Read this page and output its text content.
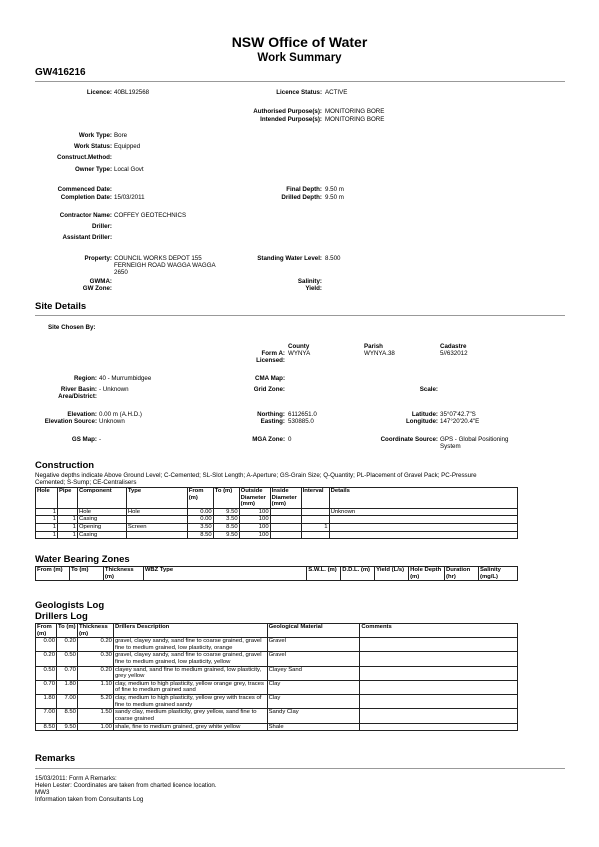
NSW Office of Water
Work Summary
GW416216
Licence: 40BL192568	Licence Status: ACTIVE
Authorised Purpose(s): MONITORING BORE
Intended Purpose(s): MONITORING BORE
Work Type: Bore
Work Status: Equipped
Construct.Method:
Owner Type: Local Govt
Commenced Date:
Completion Date: 15/03/2011
Final Depth: 9.50 m
Drilled Depth: 9.50 m
Contractor Name: COFFEY GEOTECHNICS
Driller:
Assistant Driller:
Property: COUNCIL WORKS DEPOT 155
FERNEIGH ROAD WAGGA WAGGA
2650
Standing Water Level: 8.500
GWMA:
GW Zone:
Salinity:
Yield:
Site Details
Site Chosen By:
County	Parish	Cadastre
Form A: WYNYA	WYNYA.38	5//632012
Licensed:
Region: 40 - Murrumbidgee	CMA Map:
River Basin: - Unknown
Area/District:
Grid Zone:	Scale:
Elevation: 0.00 m (A.H.D.)
Elevation Source: Unknown
Northing: 6112651.0
Easting: 530885.0
Latitude: 35°07'42.7"S
Longitude: 147°20'20.4"E
GS Map: -	MGA Zone: 0	Coordinate Source: GPS - Global Positioning
System
Construction
Negative depths indicate Above Ground Level; C-Cemented; SL-Slot Length; A-Aperture; GS-Grain Size; Q-Quantity; PL-Placement of Gravel Pack; PC-Pressure
Cemented; S-Sump; CE-Centralisers
Hole	Pipe	Component	Type	From (m)	To (m)	Outside Diameter (mm)	Inside Diameter (mm)	Interval	Details
1		Hole	Hole	0.00	9.50	100			Unknown
1	1	Casing		0.00	3.50	100			
1	1	Opening	Screen	3.50	8.50	100		1	
1	1	Casing		8.50	9.50	100			
Water Bearing Zones
From (m)	To (m)	Thickness (m)	WBZ Type	S.W.L. (m)	D.D.L. (m)	Yield (L/s)	Hole Depth (m)	Duration (hr)	Salinity (mg/L)
Geologists Log
Drillers Log
From (m)	To (m)	Thickness (m)	Drillers Description	Geological Material	Comments
0.00	0.20	0.20	gravel, clayey sandy, sand fine to coarse grained, gravel fine to medium grained, low plasticity, orange	Gravel	
0.20	0.50	0.30	gravel, clayey sandy, sand fine to coarse grained, gravel fine to medium grained, low plasticity, yellow	Gravel	
0.50	0.70	0.20	clayey sand, sand fine to medium grained, low plasticity, grey yellow	Clayey Sand	
0.70	1.80	1.10	clay, medium to high plasticity, yellow orange grey, traces of fine to medium grained sand	Clay	
1.80	7.00	5.20	clay, medium to high plasticity, yellow grey with traces of fine to medium grained sandy	Clay	
7.00	8.50	1.50	sandy clay, medium plasticity, grey yellow, sand fine to coarse grained	Sandy Clay	
8.50	9.50	1.00	shale, fine to medium grained, grey white yellow	Shale	
Remarks
15/03/2011: Form A Remarks:
Helen Lester: Coordinates are taken from charted licence location.
MW3
Information taken from Consultants Log
